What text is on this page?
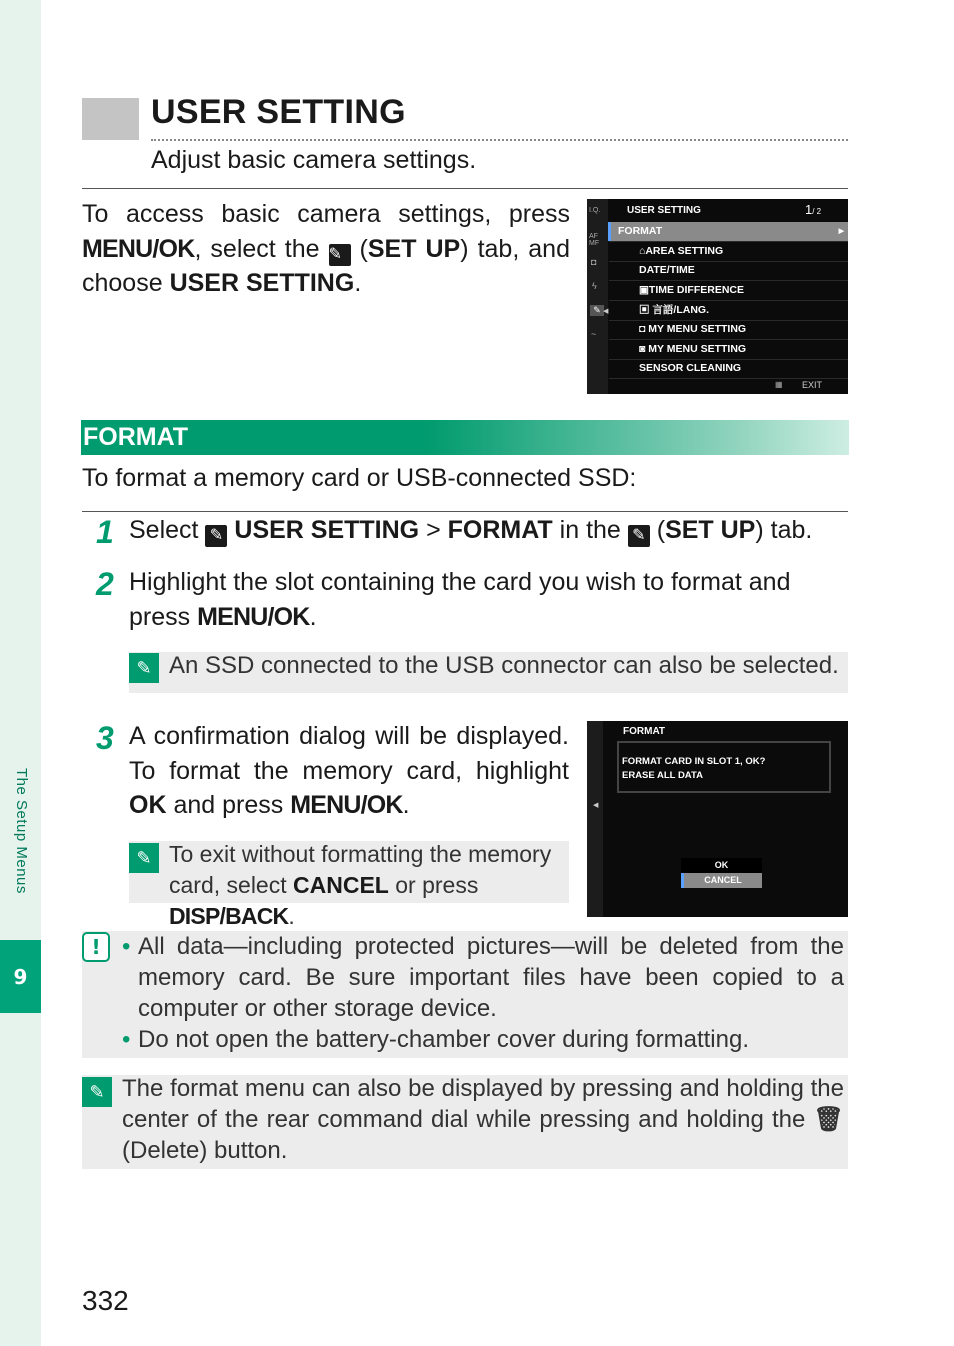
The Setup Menus
9
USER SETTING
Adjust basic camera settings.
To access basic camera settings, press MENU/OK, select the ✎ (SET UP) tab, and choose USER SETTING.
I.Q.
AF MF
◘
ϟ
✎
~
◀
USER SETTING	1/ 2
FORMAT	▶
⌂AREA SETTING
DATE/TIME
▣TIME DIFFERENCE
▣ 言語/LANG.
◘ MY MENU SETTING
◙ MY MENU SETTING
SENSOR CLEANING
▦ EXIT
FORMAT
To format a memory card or USB-connected SSD:
1 Select ✎ USER SETTING > FORMAT in the ✎ (SET UP) tab.
2 Highlight the slot containing the card you wish to format and press MENU/OK.
✎ An SSD connected to the USB connector can also be selected.
3 A confirmation dialog will be displayed. To format the memory card, highlight OK and press MENU/OK.
✎ To exit without formatting the memory card, select CANCEL or press DISP/BACK.
◀
FORMAT
FORMAT CARD IN SLOT 1, OK?
ERASE ALL DATA
OK
CANCEL
! • All data—including protected pictures—will be deleted from the memory card. Be sure important files have been copied to a computer or other storage device.
• Do not open the battery-chamber cover during formatting.
✎ The format menu can also be displayed by pressing and holding the center of the rear command dial while pressing and holding the 🗑 (Delete) button.
332
